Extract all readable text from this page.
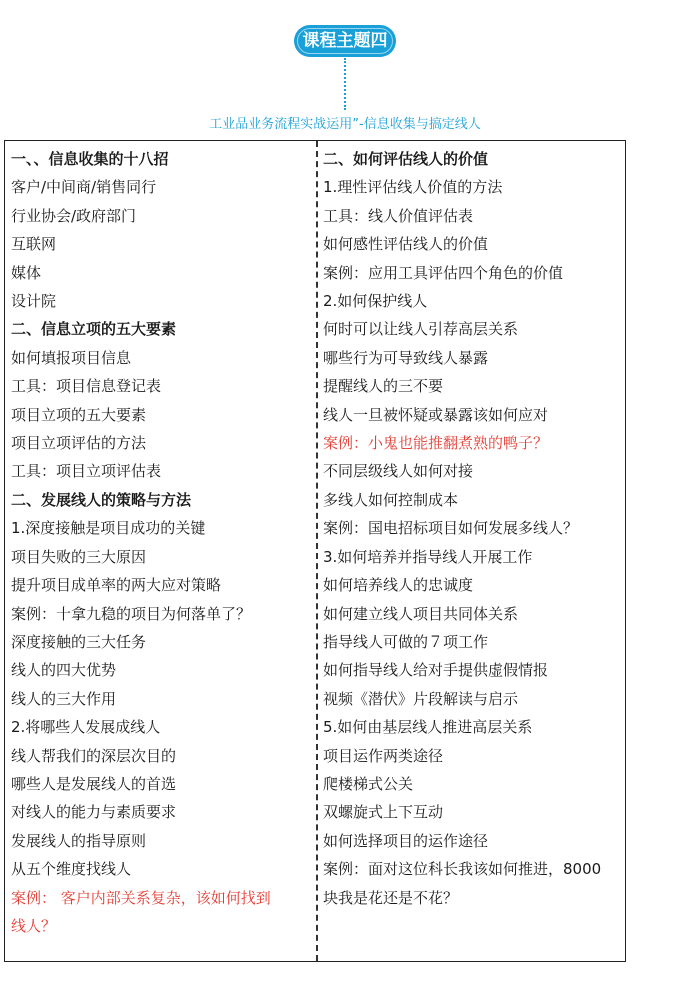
课程主题四
工业品业务流程实战运用”-信息收集与搞定线人

一、、信息收集的十八招

客户/中间商/销售同行

行业协会/政府部门

互联网

媒体

设计院

二、信息立项的五大要素

如何填报项目信息

工具：项目信息登记表

项目立项的五大要素

项目立项评估的方法

工具：项目立项评估表

二、发展线人的策略与方法

1.深度接触是项目成功的关键

项目失败的三大原因

提升项目成单率的两大应对策略

案例：十拿九稳的项目为何落单了？

深度接触的三大任务

线人的四大优势

线人的三大作用

2.将哪些人发展成线人

线人帮我们的深层次目的

哪些人是发展线人的首选

对线人的能力与素质要求

发展线人的指导原则

从五个维度找线人

案例： 客户内部关系复杂，该如何找到

线人？

二、如何评估线人的价值

1.理性评估线人价值的方法

工具：线人价值评估表

如何感性评估线人的价值

案例：应用工具评估四个角色的价值

2.如何保护线人

何时可以让线人引荐高层关系

哪些行为可导致线人暴露

提醒线人的三不要

线人一旦被怀疑或暴露该如何应对

案例：小鬼也能推翻煮熟的鸭子？

不同层级线人如何对接

多线人如何控制成本

案例：国电招标项目如何发展多线人？

3.如何培养并指导线人开展工作

如何培养线人的忠诚度

如何建立线人项目共同体关系

指导线人可做的７项工作

如何指导线人给对手提供虚假情报

视频《潜伏》片段解读与启示

5.如何由基层线人推进高层关系

项目运作两类途径

爬楼梯式公关

双螺旋式上下互动

如何选择项目的运作途径

案例：面对这位科长我该如何推进，8000

块我是花还是不花？
